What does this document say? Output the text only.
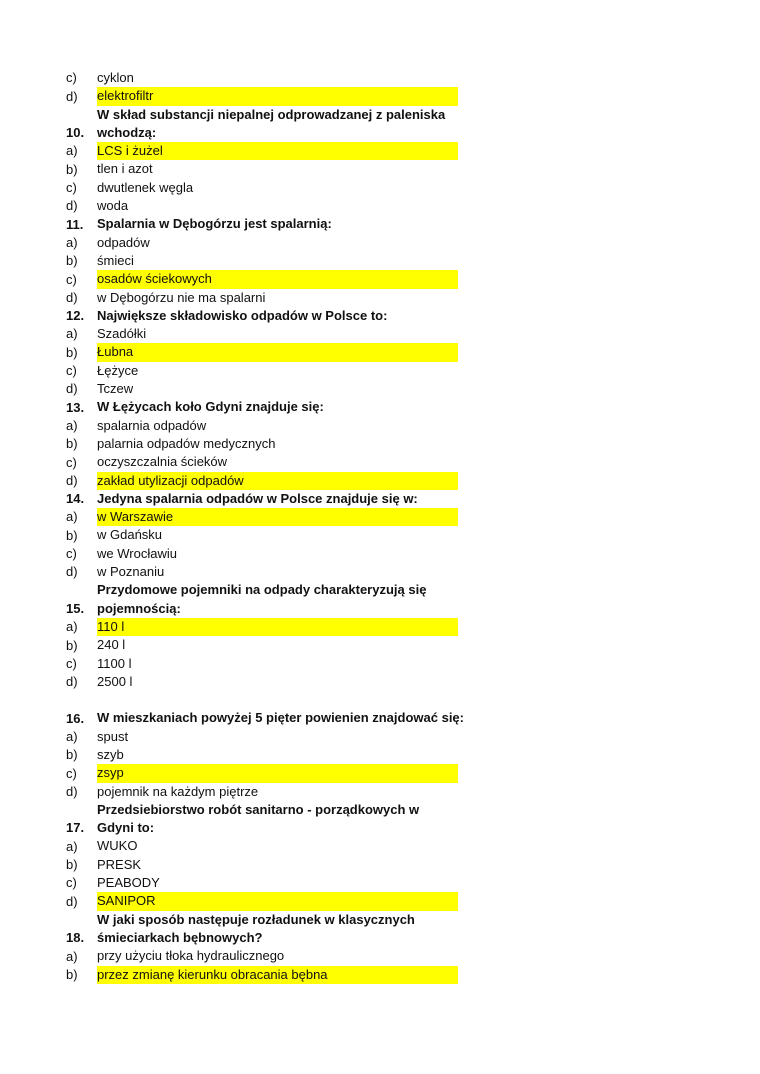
c) cyklon
d) elektrofiltr
10.
W skład substancji niepalnej odprowadzanej z paleniska wchodzą:
a) LCS i żużel
b) tlen i azot
c) dwutlenek węgla
d) woda
11. Spalarnia w Dębogórzu jest spalarnią:
a) odpadów
b) śmieci
c) osadów ściekowych
d) w Dębogórzu nie ma spalarni
12. Największe składowisko odpadów w Polsce to:
a) Szadółki
b) Łubna
c) Łężyce
d) Tczew
13. W Łężycach koło Gdyni znajduje się:
a) spalarnia odpadów
b) palarnia odpadów medycznych
c) oczyszczalnia ścieków
d) zakład utylizacji odpadów
14. Jedyna spalarnia odpadów w Polsce znajduje się w:
a) w Warszawie
b) w Gdańsku
c) we Wrocławiu
d) w Poznaniu
15.
Przydomowe pojemniki na odpady charakteryzują się pojemnością:
a) 110 l
b) 240 l
c) 1100 l
d) 2500 l
16. W mieszkaniach powyżej 5 pięter powienien znajdować się:
a) spust
b) szyb
c) zsyp
d) pojemnik na każdym piętrze
17.
Przedsiebiorstwo robót sanitarno - porządkowych w Gdyni to:
a) WUKO
b) PRESK
c) PEABODY
d) SANIPOR
18.
W jaki sposób następuje rozładunek w klasycznych śmieciarkach bębnowych?
a) przy użyciu tłoka hydraulicznego
b) przez zmianę kierunku obracania bębna
